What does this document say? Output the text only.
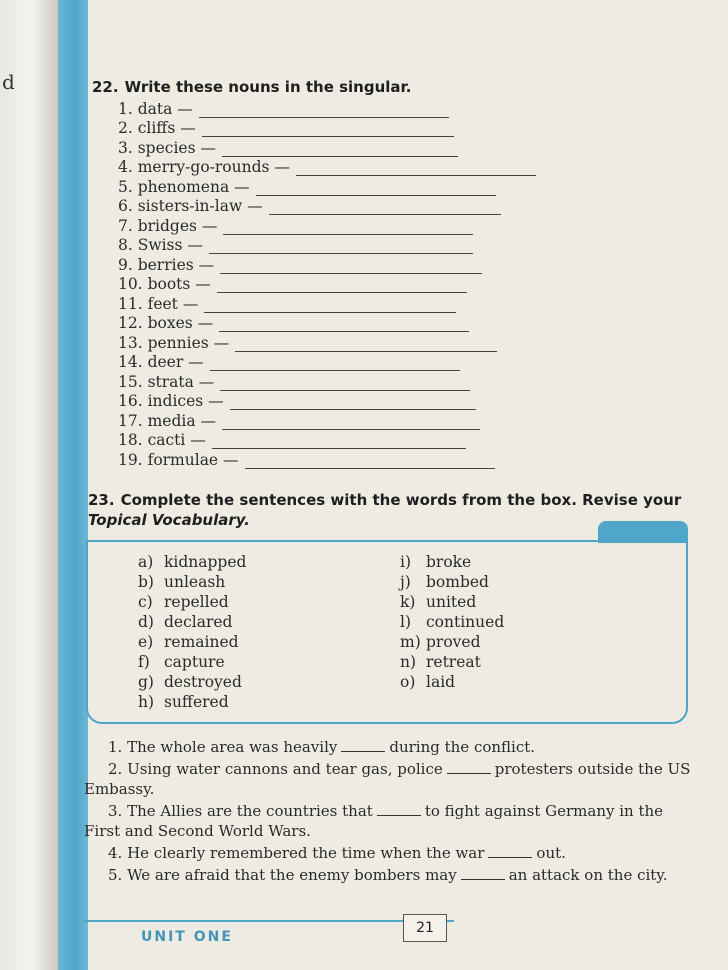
d	22. Write these nouns in the singular.
1. data —
2. cliffs —
3. species —
4. merry-go-rounds —
5. phenomena —
6. sisters-in-law —
7. bridges —
8. Swiss —
9. berries —
10. boots —
11. feet —
12. boxes —
13. pennies —
14. deer —
15. strata —
16. indices —
17. media —
18. cacti —
19. formulae —
23. Complete the sentences with the words from the box. Revise your
Topical Vocabulary.
a) kidnapped
b) unleash
c) repelled
d) declared
e) remained
f) capture
g) destroyed
h) suffered
i) broke
j) bombed
k) united
l) continued
m) proved
n) retreat
o) laid

1. The whole area was heavily	during the conflict.

2. Using water cannons and tear gas, police	protesters outside the US Embassy.

3. The Allies are the countries that	to fight against Germany in the First and Second World Wars.

4. He clearly remembered the time when the war	out.

5. We are afraid that the enemy bombers may	an attack on the city.

UNIT ONE
21
